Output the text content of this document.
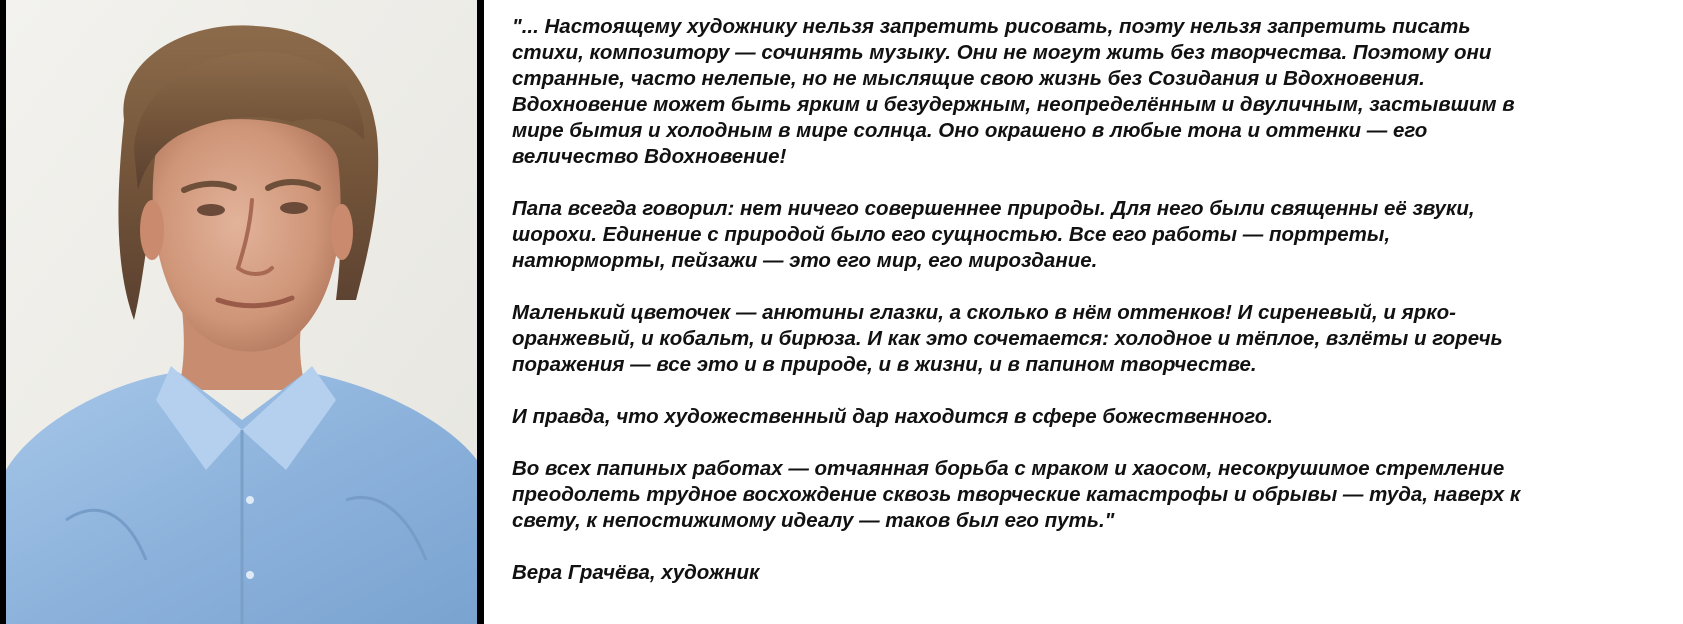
"... Настоящему художнику нельзя запретить рисовать, поэту нельзя запретить писать
стихи, композитору — сочинять музыку. Они не могут жить без творчества. Поэтому они
странные, часто нелепые, но не мыслящие свою жизнь без Созидания и Вдохновения.
Вдохновение может быть ярким и безудержным, неопределённым и двуличным, застывшим в
мире бытия и холодным в мире солнца. Оно окрашено в любые тона и оттенки — его
величество Вдохновение!

Папа всегда говорил: нет ничего совершеннее природы. Для него были священны её звуки,
шорохи. Единение с природой было его сущностью. Все его работы — портреты,
натюрморты, пейзажи — это его мир, его мироздание.

Маленький цветочек — анютины глазки, а сколько в нём оттенков! И сиреневый, и ярко-
оранжевый, и кобальт, и бирюза. И как это сочетается: холодное и тёплое, взлёты и горечь
поражения — все это и в природе, и в жизни, и в папином творчестве.

И правда, что художественный дар находится в сфере божественного.

Во всех папиных работах — отчаянная борьба с мраком и хаосом, несокрушимое стремление
преодолеть трудное восхождение сквозь творческие катастрофы и обрывы — туда, наверх к
свету, к непостижимому идеалу — таков был его путь."

Вера Грачёва, художник
